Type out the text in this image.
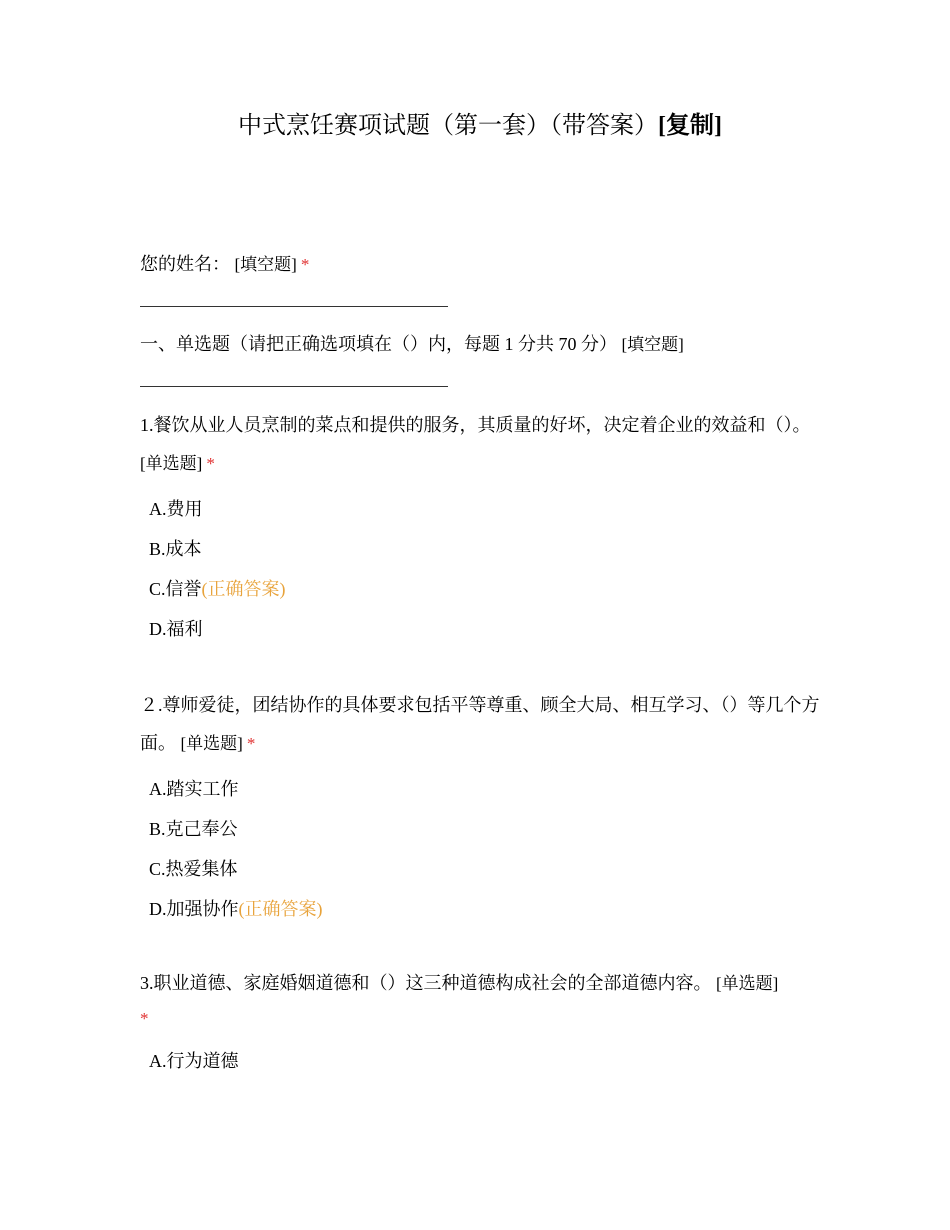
中式烹饪赛项试题（第一套）（带答案）[复制]
您的姓名： [填空题] *
一、单选题（请把正确选项填在（）内，每题 1 分共 70 分） [填空题]
1.餐饮从业人员烹制的菜点和提供的服务，其质量的好坏，决定着企业的效益和（）。 [单选题] *
A.费用
B.成本
C.信誉(正确答案)
D.福利
２.尊师爱徒，团结协作的具体要求包括平等尊重、顾全大局、相互学习、（）等几个方面。 [单选题] *
A.踏实工作
B.克己奉公
C.热爱集体
D.加强协作(正确答案)
3.职业道德、家庭婚姻道德和（）这三种道德构成社会的全部道德内容。 [单选题]
*
A.行为道德
